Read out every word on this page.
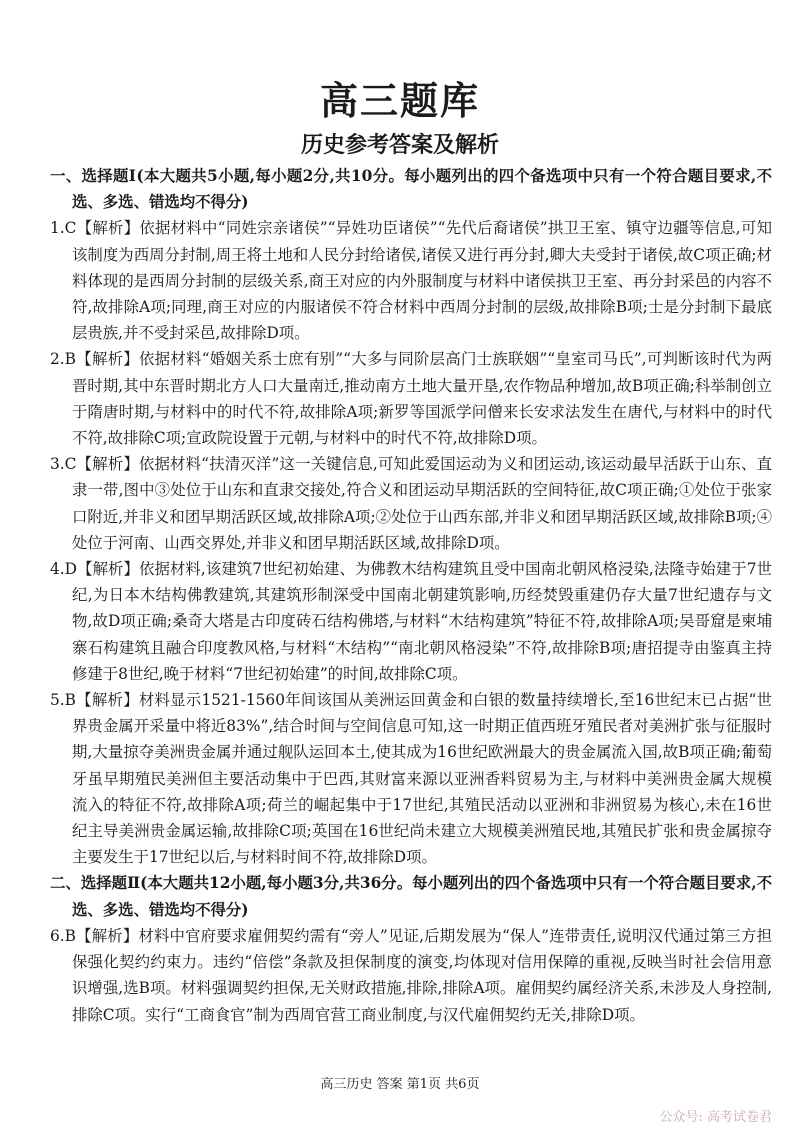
高三题库
历史参考答案及解析
一、选择题Ⅰ(本大题共5小题,每小题2分,共10分。每小题列出的四个备选项中只有一个符合题目要求,不选、多选、错选均不得分)
1.C【解析】依据材料中“同姓宗亲诸侯”“异姓功臣诸侯”“先代后裔诸侯”拱卫王室、镇守边疆等信息,可知该制度为西周分封制,周王将土地和人民分封给诸侯,诸侯又进行再分封,卿大夫受封于诸侯,故C项正确;材料体现的是西周分封制的层级关系,商王对应的内外服制度与材料中诸侯拱卫王室、再分封采邑的内容不符,故排除A项;同理,商王对应的内服诸侯不符合材料中西周分封制的层级,故排除B项;士是分封制下最底层贵族,并不受封采邑,故排除D项。
2.B【解析】依据材料“婚姻关系士庶有别”“大多与同阶层高门士族联姻”“皇室司马氏”,可判断该时代为两晋时期,其中东晋时期北方人口大量南迁,推动南方土地大量开垦,农作物品种增加,故B项正确;科举制创立于隋唐时期,与材料中的时代不符,故排除A项;新罗等国派学问僧来长安求法发生在唐代,与材料中的时代不符,故排除C项;宣政院设置于元朝,与材料中的时代不符,故排除D项。
3.C【解析】依据材料“扶清灭洋”这一关键信息,可知此爱国运动为义和团运动,该运动最早活跃于山东、直隶一带,图中③处位于山东和直隶交接处,符合义和团运动早期活跃的空间特征,故C项正确;①处位于张家口附近,并非义和团早期活跃区域,故排除A项;②处位于山西东部,并非义和团早期活跃区域,故排除B项;④处位于河南、山西交界处,并非义和团早期活跃区域,故排除D项。
4.D【解析】依据材料,该建筑7世纪初始建、为佛教木结构建筑且受中国南北朝风格浸染,法隆寺始建于7世纪,为日本木结构佛教建筑,其建筑形制深受中国南北朝建筑影响,历经焚毁重建仍存大量7世纪遗存与文物,故D项正确;桑奇大塔是古印度砖石结构佛塔,与材料“木结构建筑”特征不符,故排除A项;吴哥窟是柬埔寨石构建筑且融合印度教风格,与材料“木结构”“南北朝风格浸染”不符,故排除B项;唐招提寺由鉴真主持修建于8世纪,晚于材料“7世纪初始建”的时间,故排除C项。
5.B【解析】材料显示1521-1560年间该国从美洲运回黄金和白银的数量持续增长,至16世纪末已占据“世界贵金属开采量中将近83%”,结合时间与空间信息可知,这一时期正值西班牙殖民者对美洲扩张与征服时期,大量掠夺美洲贵金属并通过舰队运回本土,使其成为16世纪欧洲最大的贵金属流入国,故B项正确;葡萄牙虽早期殖民美洲但主要活动集中于巴西,其财富来源以亚洲香料贸易为主,与材料中美洲贵金属大规模流入的特征不符,故排除A项;荷兰的崛起集中于17世纪,其殖民活动以亚洲和非洲贸易为核心,未在16世纪主导美洲贵金属运输,故排除C项;英国在16世纪尚未建立大规模美洲殖民地,其殖民扩张和贵金属掠夺主要发生于17世纪以后,与材料时间不符,故排除D项。
二、选择题Ⅱ(本大题共12小题,每小题3分,共36分。每小题列出的四个备选项中只有一个符合题目要求,不选、多选、错选均不得分)
6.B【解析】材料中官府要求雇佣契约需有“旁人”见证,后期发展为“保人”连带责任,说明汉代通过第三方担保强化契约约束力。违约“倍偿”条款及担保制度的演变,均体现对信用保障的重视,反映当时社会信用意识增强,选B项。材料强调契约担保,无关财政措施,排除,排除A项。雇佣契约属经济关系,未涉及人身控制,排除C项。实行“工商食官”制为西周官营工商业制度,与汉代雇佣契约无关,排除D项。
高三历史 答案 第1页 共6页
公众号: 高考试卷君
